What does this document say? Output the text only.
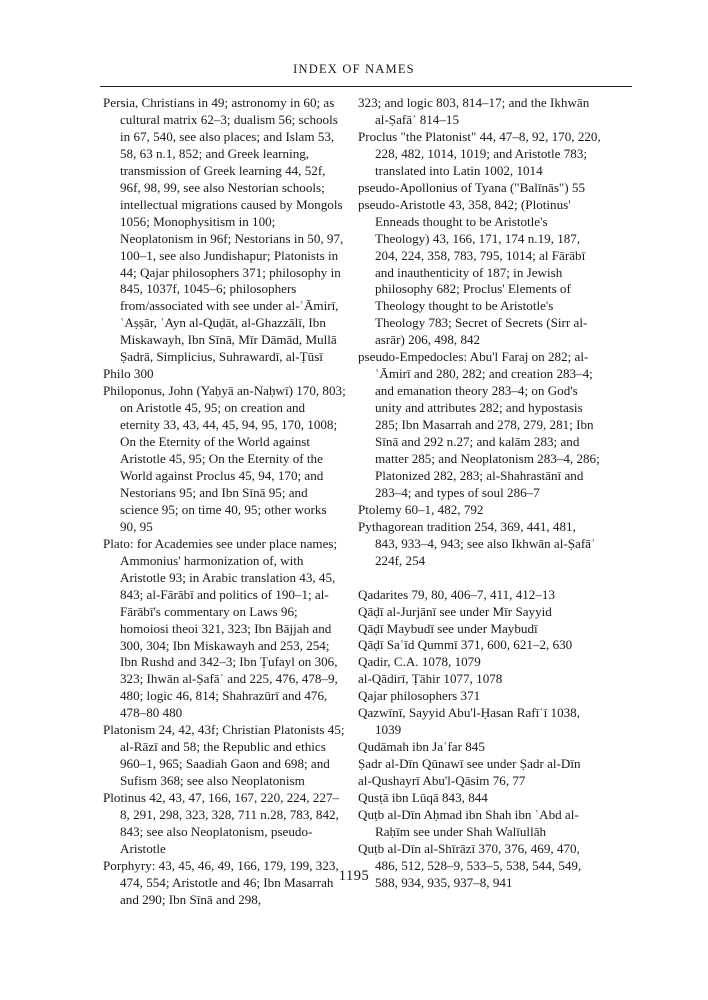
INDEX OF NAMES

Persia, Christians in 49; astronomy in 60; as cultural matrix 62–3; dualism 56; schools in 67, 540, see also places; and Islam 53, 58, 63 n.1, 852; and Greek learning, transmission of Greek learning 44, 52f, 96f, 98, 99, see also Nestorian schools; intellectual migrations caused by Mongols 1056; Monophysitism in 100; Neoplatonism in 96f; Nestorians in 50, 97, 100–1, see also Jundishapur; Platonists in 44; Qajar philosophers 371; philosophy in 845, 1037f, 1045–6; philosophers from/associated with see under al-ʿĀmirī, ʿAṣṣār, ʿAyn al-Quḍāt, al-Ghazzālī, Ibn Miskawayh, Ibn Sīnā, Mīr Dāmād, Mullā Ṣadrā, Simplicius, Suhrawardī, al-Ṭūsī

Philo 300

Philoponus, John (Yaḥyā an-Naḥwī) 170, 803; on Aristotle 45, 95; on creation and eternity 33, 43, 44, 45, 94, 95, 170, 1008; On the Eternity of the World against Aristotle 45, 95; On the Eternity of the World against Proclus 45, 94, 170; and Nestorians 95; and Ibn Sīnā 95; and science 95; on time 40, 95; other works 90, 95

Plato: for Academies see under place names; Ammonius' harmonization of, with Aristotle 93; in Arabic translation 43, 45, 843; al-Fārābī and politics of 190–1; al-Fārābī's commentary on Laws 96; homoiosi theoi 321, 323; Ibn Bājjah and 300, 304; Ibn Miskawayh and 253, 254; Ibn Rushd and 342–3; Ibn Ṭufayl on 306, 323; Ihwān al-Ṣafāʾ and 225, 476, 478–9, 480; logic 46, 814; Shahrazūrī and 476, 478–80 480

Platonism 24, 42, 43f; Christian Platonists 45; al-Rāzī and 58; the Republic and ethics 960–1, 965; Saadiah Gaon and 698; and Sufism 368; see also Neoplatonism

Plotinus 42, 43, 47, 166, 167, 220, 224, 227–8, 291, 298, 323, 328, 711 n.28, 783, 842, 843; see also Neoplatonism, pseudo-Aristotle

Porphyry: 43, 45, 46, 49, 166, 179, 199, 323, 474, 554; Aristotle and 46; Ibn Masarrah and 290; Ibn Sīnā and 298,

323; and logic 803, 814–17; and the Ikhwān al-Ṣafāʾ 814–15

Proclus "the Platonist" 44, 47–8, 92, 170, 220, 228, 482, 1014, 1019; and Aristotle 783; translated into Latin 1002, 1014

pseudo-Apollonius of Tyana ("Balīnās") 55

pseudo-Aristotle 43, 358, 842; (Plotinus' Enneads thought to be Aristotle's Theology) 43, 166, 171, 174 n.19, 187, 204, 224, 358, 783, 795, 1014; al Fārābī and inauthenticity of 187; in Jewish philosophy 682; Proclus' Elements of Theology thought to be Aristotle's Theology 783; Secret of Secrets (Sirr al-asrār) 206, 498, 842

pseudo-Empedocles: Abu'l Faraj on 282; al-ʿĀmirī and 280, 282; and creation 283–4; and emanation theory 283–4; on God's unity and attributes 282; and hypostasis 285; Ibn Masarrah and 278, 279, 281; Ibn Sīnā and 292 n.27; and kalām 283; and matter 285; and Neoplatonism 283–4, 286; Platonized 282, 283; al-Shahrastānī and 283–4; and types of soul 286–7

Ptolemy 60–1, 482, 792

Pythagorean tradition 254, 369, 441, 481, 843, 933–4, 943; see also Ikhwān al-Ṣafāʾ 224f, 254

Qadarites 79, 80, 406–7, 411, 412–13

Qāḍī al-Jurjānī see under Mīr Sayyid

Qāḍī Maybudī see under Maybudī

Qāḍī Saʿīd Qummī 371, 600, 621–2, 630

Qadir, C.A. 1078, 1079

al-Qādirī, Ṭāhir 1077, 1078

Qajar philosophers 371

Qazwīnī, Sayyid Abu'l-Ḥasan Rafīʿī 1038, 1039

Qudāmah ibn Jaʿfar 845

Ṣadr al-Dīn Qūnawī see under Ṣadr al-Dīn

al-Qushayrī Abu'l-Qāsim 76, 77

Qusṭā ibn Lūqā 843, 844

Quṭb al-Dīn Aḥmad ibn Shah ibn ʿAbd al-Raḥīm see under Shah Walīullāh

Quṭb al-Dīn al-Shīrāzī 370, 376, 469, 470, 486, 512, 528–9, 533–5, 538, 544, 549, 588, 934, 935, 937–8, 941

1195
